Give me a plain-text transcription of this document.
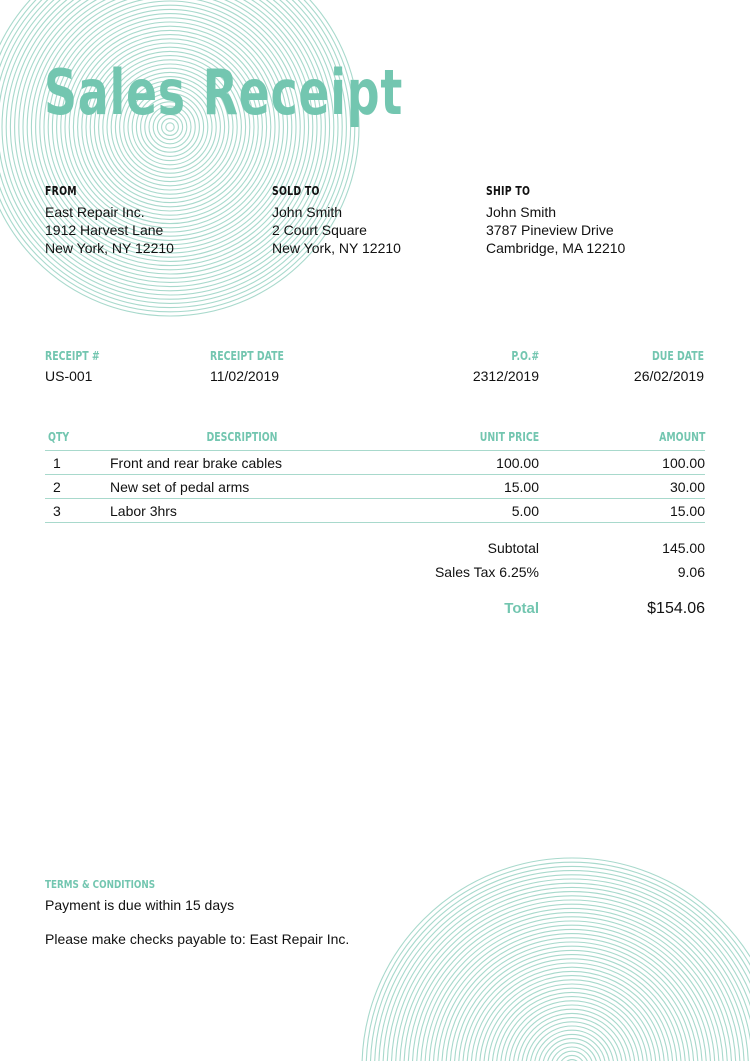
Sales Receipt
FROM
East Repair Inc.
1912 Harvest Lane
New York, NY 12210
SOLD TO
John Smith
2 Court Square
New York, NY 12210
SHIP TO
John Smith
3787 Pineview Drive
Cambridge, MA 12210
RECEIPT #
US-001
RECEIPT DATE
11/02/2019
P.O.#
2312/2019
DUE DATE
26/02/2019
QTY	DESCRIPTION	UNIT PRICE	AMOUNT
1	Front and rear brake cables	100.00	100.00
2	New set of pedal arms	15.00	30.00
3	Labor 3hrs	5.00	15.00
Subtotal	145.00
Sales Tax 6.25%	9.06
Total	$154.06
TERMS & CONDITIONS
Payment is due within 15 days
Please make checks payable to: East Repair Inc.
